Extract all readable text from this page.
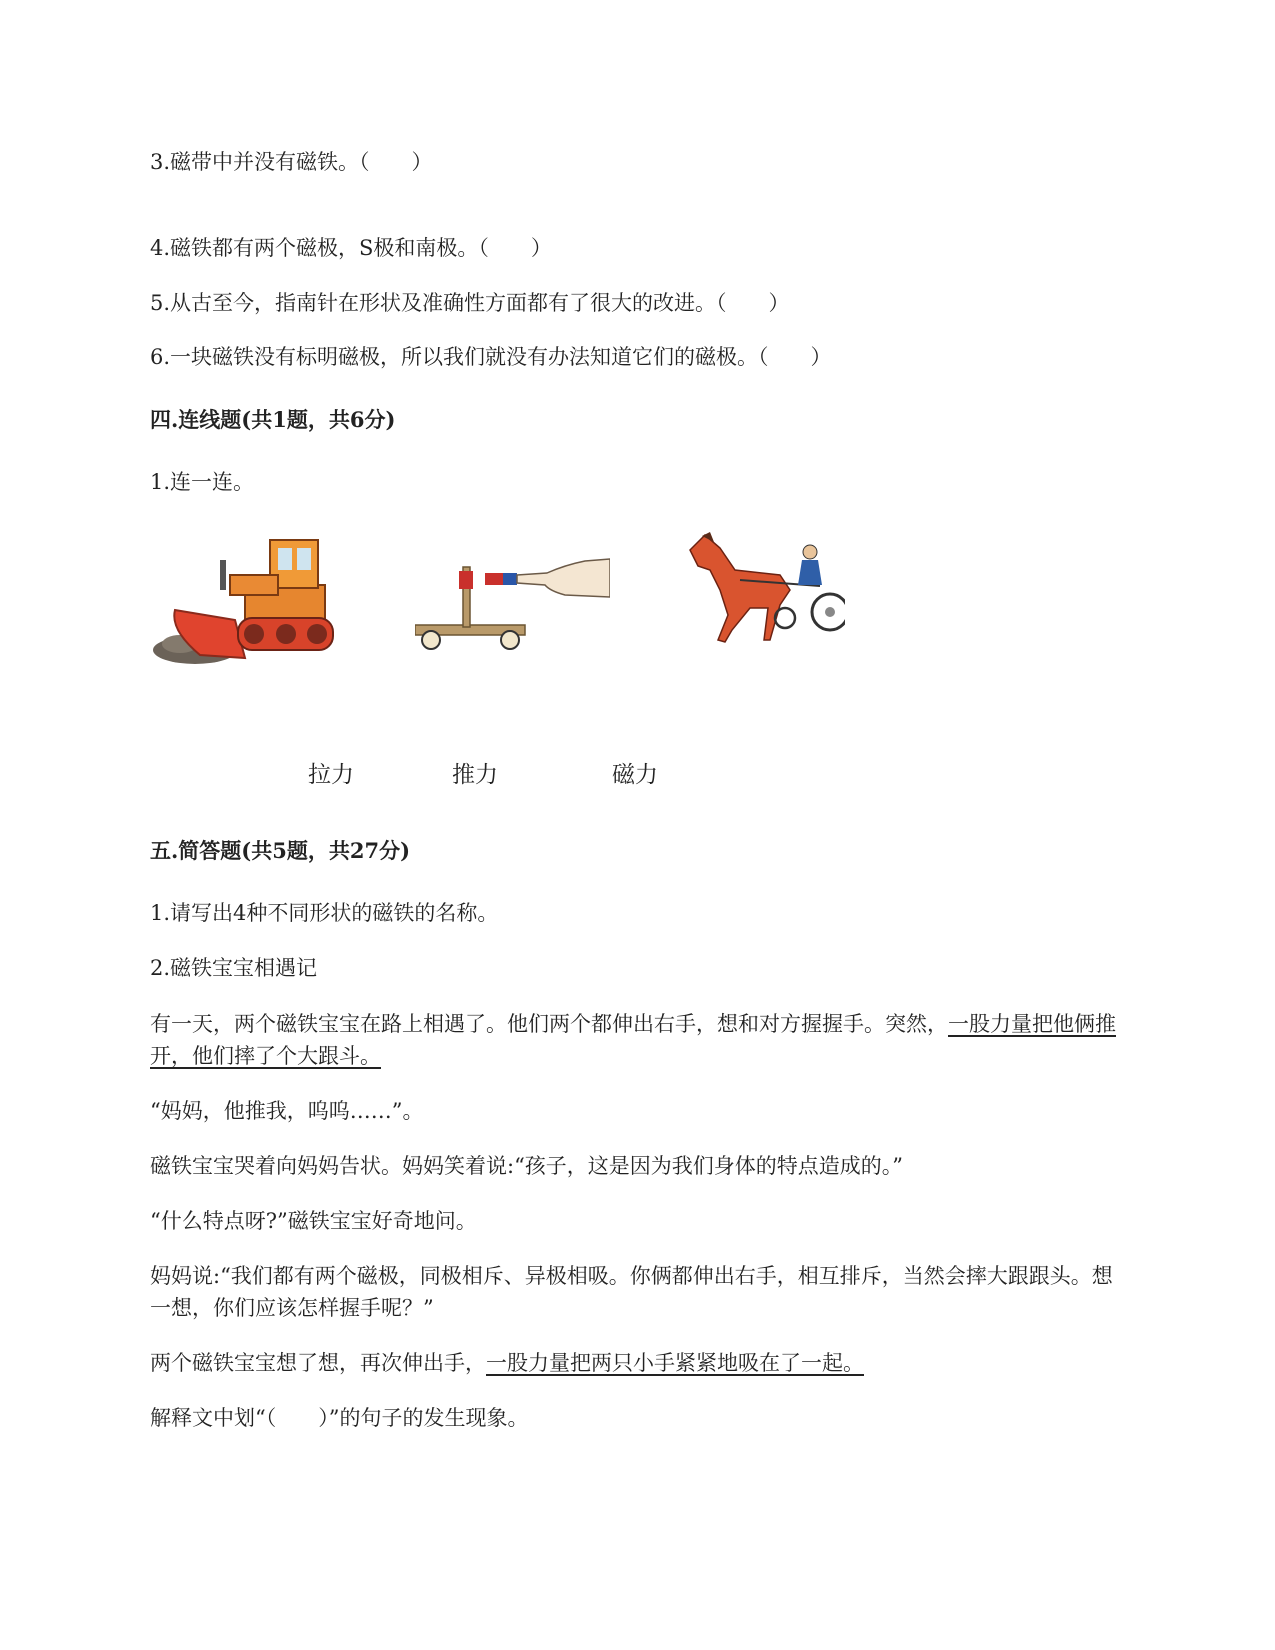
3.磁带中并没有磁铁。（　　）
4.磁铁都有两个磁极，S极和南极。（　　）
5.从古至今，指南针在形状及准确性方面都有了很大的改进。（　　）
6.一块磁铁没有标明磁极，所以我们就没有办法知道它们的磁极。（　　）
四.连线题(共1题，共6分)
1.连一连。
拉力	推力	磁力
五.简答题(共5题，共27分)
1.请写出4种不同形状的磁铁的名称。
2.磁铁宝宝相遇记
有一天，两个磁铁宝宝在路上相遇了。他们两个都伸出右手，想和对方握握手。突然，一股力量把他俩推开，他们摔了个大跟斗。
“妈妈，他推我，呜呜……”。
磁铁宝宝哭着向妈妈告状。妈妈笑着说:“孩子，这是因为我们身体的特点造成的。”
“什么特点呀?”磁铁宝宝好奇地问。
妈妈说:“我们都有两个磁极，同极相斥、异极相吸。你俩都伸出右手，相互排斥，当然会摔大跟跟头。想一想，你们应该怎样握手呢？”
两个磁铁宝宝想了想，再次伸出手，一股力量把两只小手紧紧地吸在了一起。
解释文中划“（　　）”的句子的发生现象。
